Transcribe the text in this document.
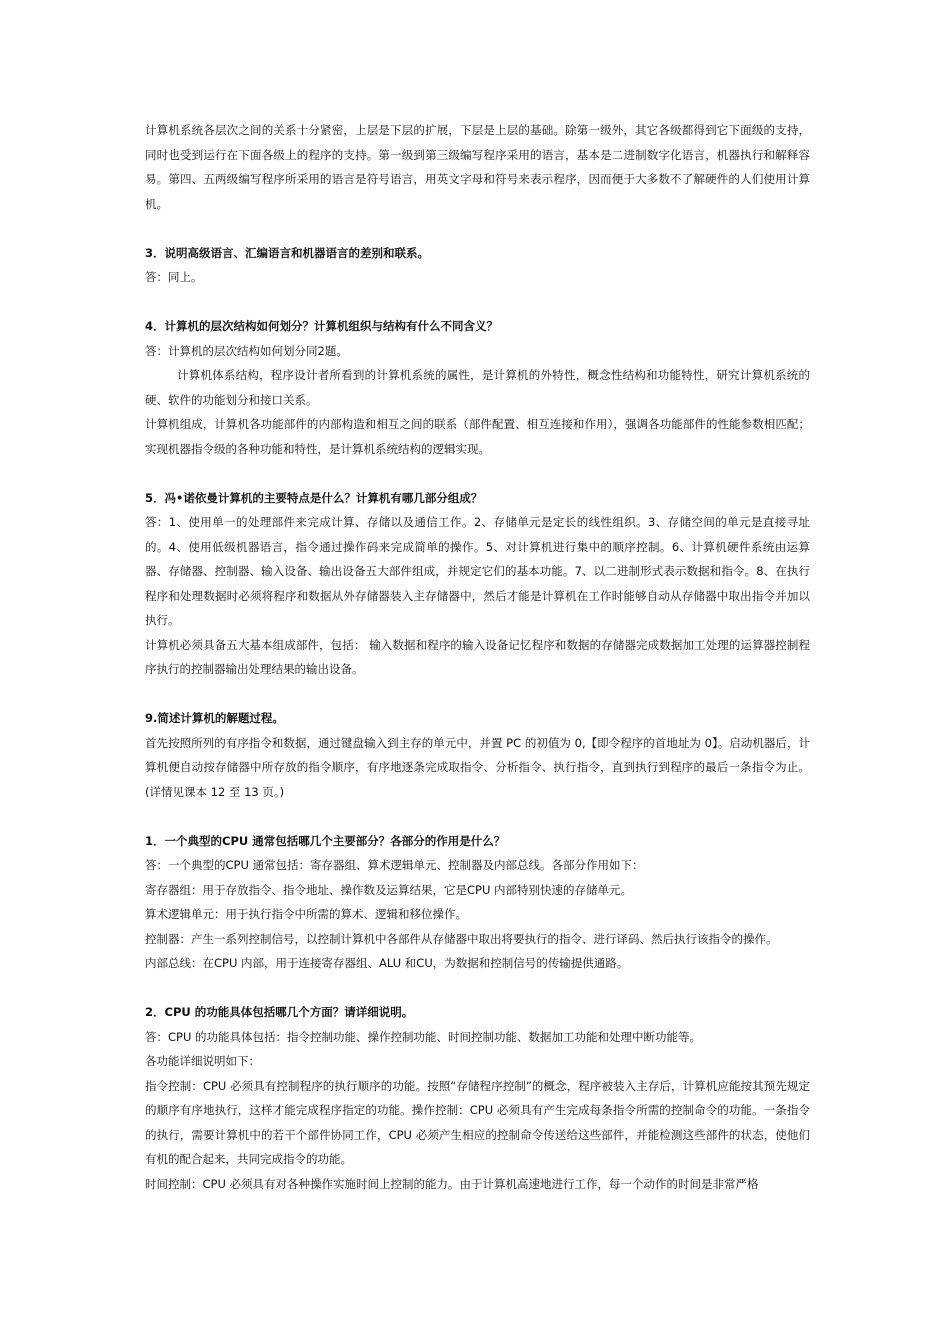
计算机系统各层次之间的关系十分紧密，上层是下层的扩展，下层是上层的基础。除第一级外，其它各级都得到它下面级的支持，同时也受到运行在下面各级上的程序的支持。第一级到第三级编写程序采用的语言，基本是二进制数字化语言，机器执行和解释容易。第四、五两级编写程序所采用的语言是符号语言，用英文字母和符号来表示程序，因而便于大多数不了解硬件的人们使用计算机。

3．说明高级语言、汇编语言和机器语言的差别和联系。

答：同上。

4．计算机的层次结构如何划分？计算机组织与结构有什么不同含义？

答：计算机的层次结构如何划分同2题。

计算机体系结构，程序设计者所看到的计算机系统的属性，是计算机的外特性，概念性结构和功能特性，研究计算机系统的硬、软件的功能划分和接口关系。

计算机组成，计算机各功能部件的内部构造和相互之间的联系（部件配置、相互连接和作用），强调各功能部件的性能参数相匹配；实现机器指令级的各种功能和特性，是计算机系统结构的逻辑实现。

5．冯•诺依曼计算机的主要特点是什么？计算机有哪几部分组成？

答：1、使用单一的处理部件来完成计算、存储以及通信工作。2、存储单元是定长的线性组织。3、存储空间的单元是直接寻址的。4、使用低级机器语言，指令通过操作码来完成简单的操作。5、对计算机进行集中的顺序控制。6、计算机硬件系统由运算器、存储器、控制器、输入设备、输出设备五大部件组成，并规定它们的基本功能。7、以二进制形式表示数据和指令。8、在执行程序和处理数据时必须将程序和数据从外存储器装入主存储器中，然后才能是计算机在工作时能够自动从存储器中取出指令并加以执行。

计算机必须具备五大基本组成部件，包括： 输入数据和程序的输入设备记忆程序和数据的存储器完成数据加工处理的运算器控制程序执行的控制器输出处理结果的输出设备。

9.简述计算机的解题过程。

首先按照所列的有序指令和数据，通过键盘输入到主存的单元中，并置 PC 的初值为 0,【即令程序的首地址为 0】。启动机器后，计算机便自动按存储器中所存放的指令顺序，有序地逐条完成取指令、分析指令、执行指令，直到执行到程序的最后一条指令为止。(详情见课本 12 至 13 页。)

1．一个典型的CPU 通常包括哪几个主要部分？各部分的作用是什么？

答：一个典型的CPU 通常包括：寄存器组、算术逻辑单元、控制器及内部总线。各部分作用如下：

寄存器组：用于存放指令、指令地址、操作数及运算结果，它是CPU 内部特别快速的存储单元。

算术逻辑单元：用于执行指令中所需的算术、逻辑和移位操作。

控制器：产生一系列控制信号，以控制计算机中各部件从存储器中取出将要执行的指令、进行译码、然后执行该指令的操作。

内部总线：在CPU 内部，用于连接寄存器组、ALU 和CU，为数据和控制信号的传输提供通路。

2．CPU 的功能具体包括哪几个方面？请详细说明。

答：CPU 的功能具体包括：指令控制功能、操作控制功能、时间控制功能、数据加工功能和处理中断功能等。

各功能详细说明如下：

指令控制：CPU 必须具有控制程序的执行顺序的功能。按照“存储程序控制”的概念，程序被装入主存后，计算机应能按其预先规定的顺序有序地执行，这样才能完成程序指定的功能。操作控制：CPU 必须具有产生完成每条指令所需的控制命令的功能。一条指令的执行，需要计算机中的若干个部件协同工作，CPU 必须产生相应的控制命令传送给这些部件，并能检测这些部件的状态，使他们有机的配合起来，共同完成指令的功能。

时间控制：CPU 必须具有对各种操作实施时间上控制的能力。由于计算机高速地进行工作，每一个动作的时间是非常严格
